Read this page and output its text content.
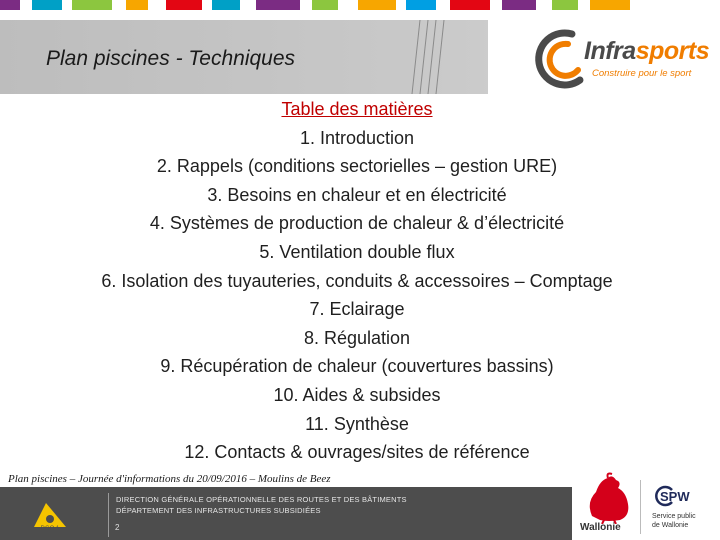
Plan piscines - Techniques	Infrasports
Construire pour le sport
Table des matières
1. Introduction
2. Rappels (conditions sectorielles – gestion URE)
3. Besoins en chaleur et en électricité
4. Systèmes de production de chaleur & d’électricité
5. Ventilation double flux
6. Isolation des tuyauteries, conduits & accessoires – Comptage
7. Eclairage
8. Régulation
9. Récupération de chaleur (couvertures bassins)
10. Aides & subsides
11. Synthèse
12. Contacts & ouvrages/sites de référence
Plan piscines – Journée d'informations du 20/09/2016 – Moulins de Beez
DGO 1
DIRECTION GÉNÉRALE OPÉRATIONNELLE DES ROUTES ET DES BÂTIMENTS
DÉPARTEMENT DES INFRASTRUCTURES SUBSIDIÉES
2	Wallonie
SPW
Service public
de Wallonie
